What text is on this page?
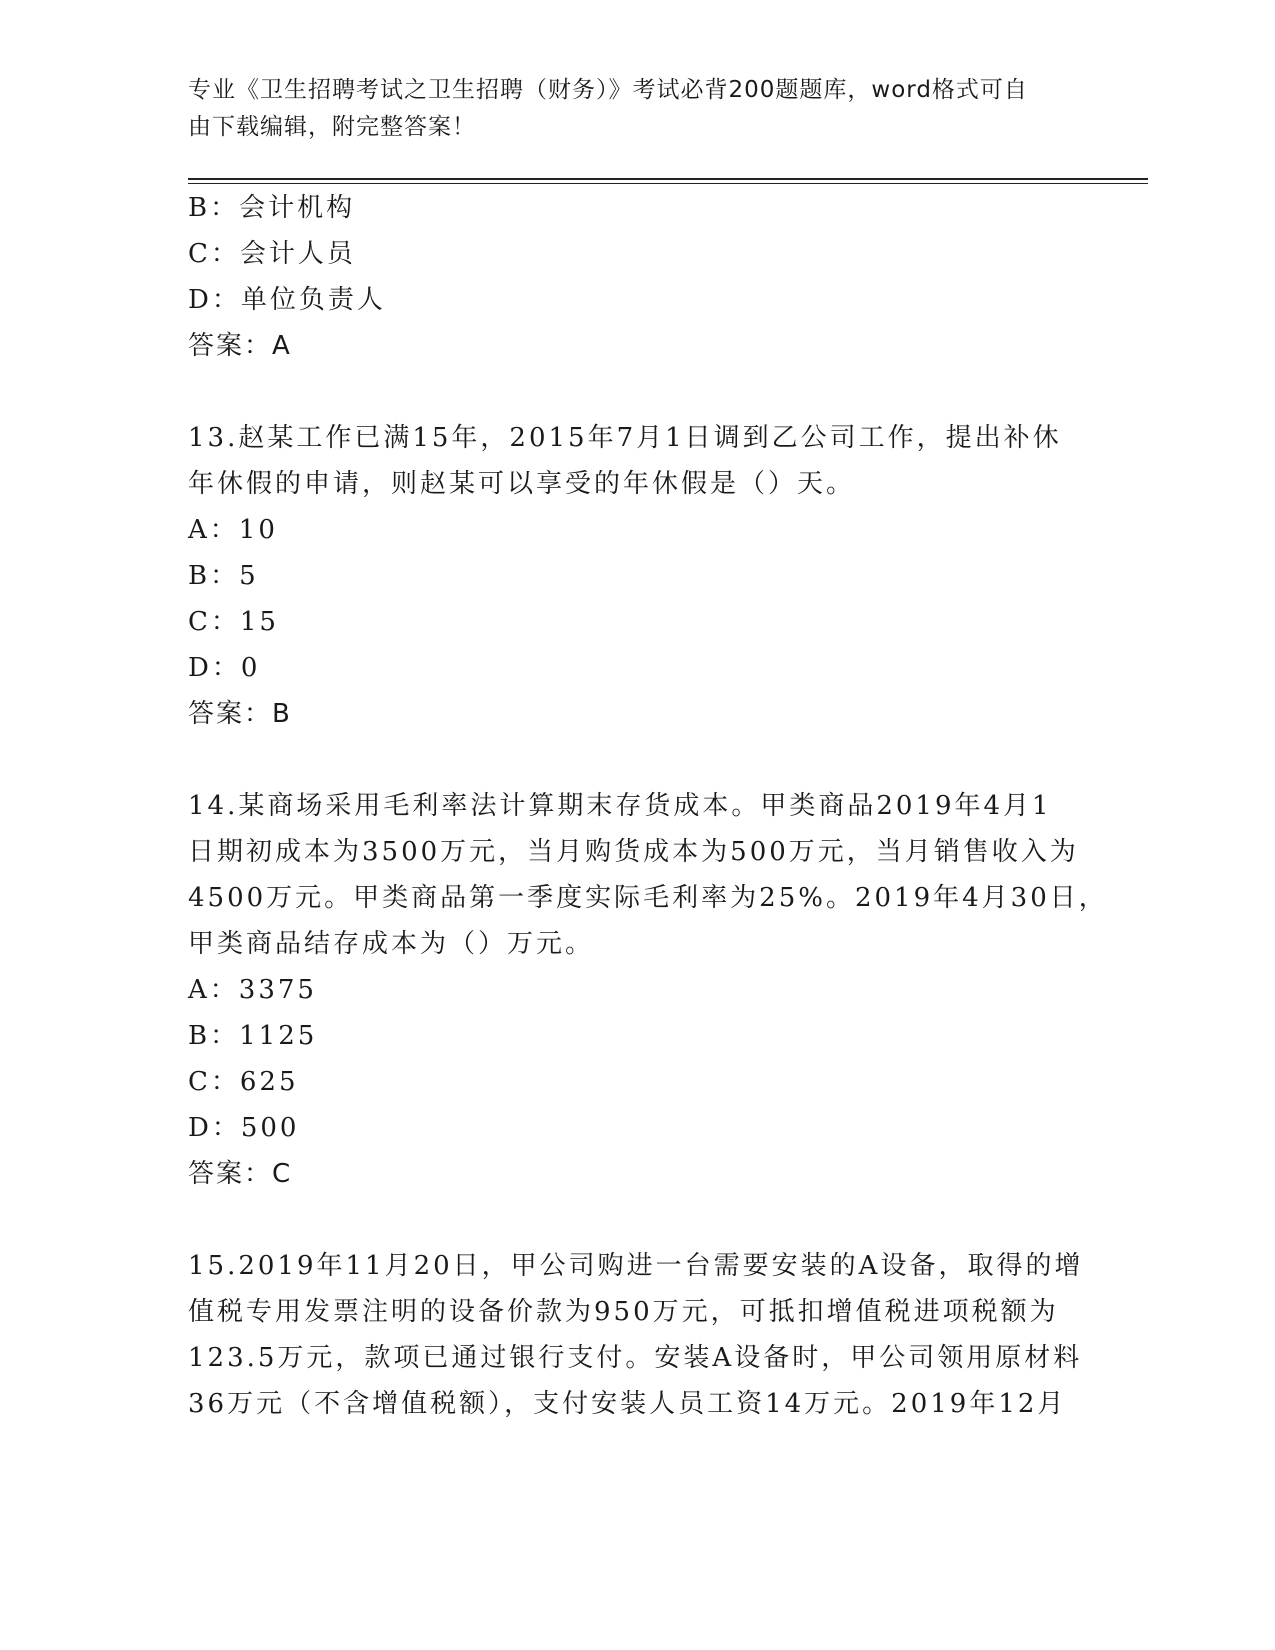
专业《卫生招聘考试之卫生招聘（财务）》考试必背200题题库，word格式可自
由下载编辑，附完整答案！
B：会计机构
C：会计人员
D：单位负责人
答案：A
13.赵某工作已满15年，2015年7月1日调到乙公司工作，提出补休
年休假的申请，则赵某可以享受的年休假是（）天。
A：10
B：5
C：15
D：0
答案：B
14.某商场采用毛利率法计算期末存货成本。甲类商品2019年4月1
日期初成本为3500万元，当月购货成本为500万元，当月销售收入为
4500万元。甲类商品第一季度实际毛利率为25%。2019年4月30日，
甲类商品结存成本为（）万元。
A：3375
B：1125
C：625
D：500
答案：C
15.2019年11月20日，甲公司购进一台需要安装的A设备，取得的增
值税专用发票注明的设备价款为950万元，可抵扣增值税进项税额为
123.5万元，款项已通过银行支付。安装A设备时，甲公司领用原材料
36万元（不含增值税额），支付安装人员工资14万元。2019年12月
